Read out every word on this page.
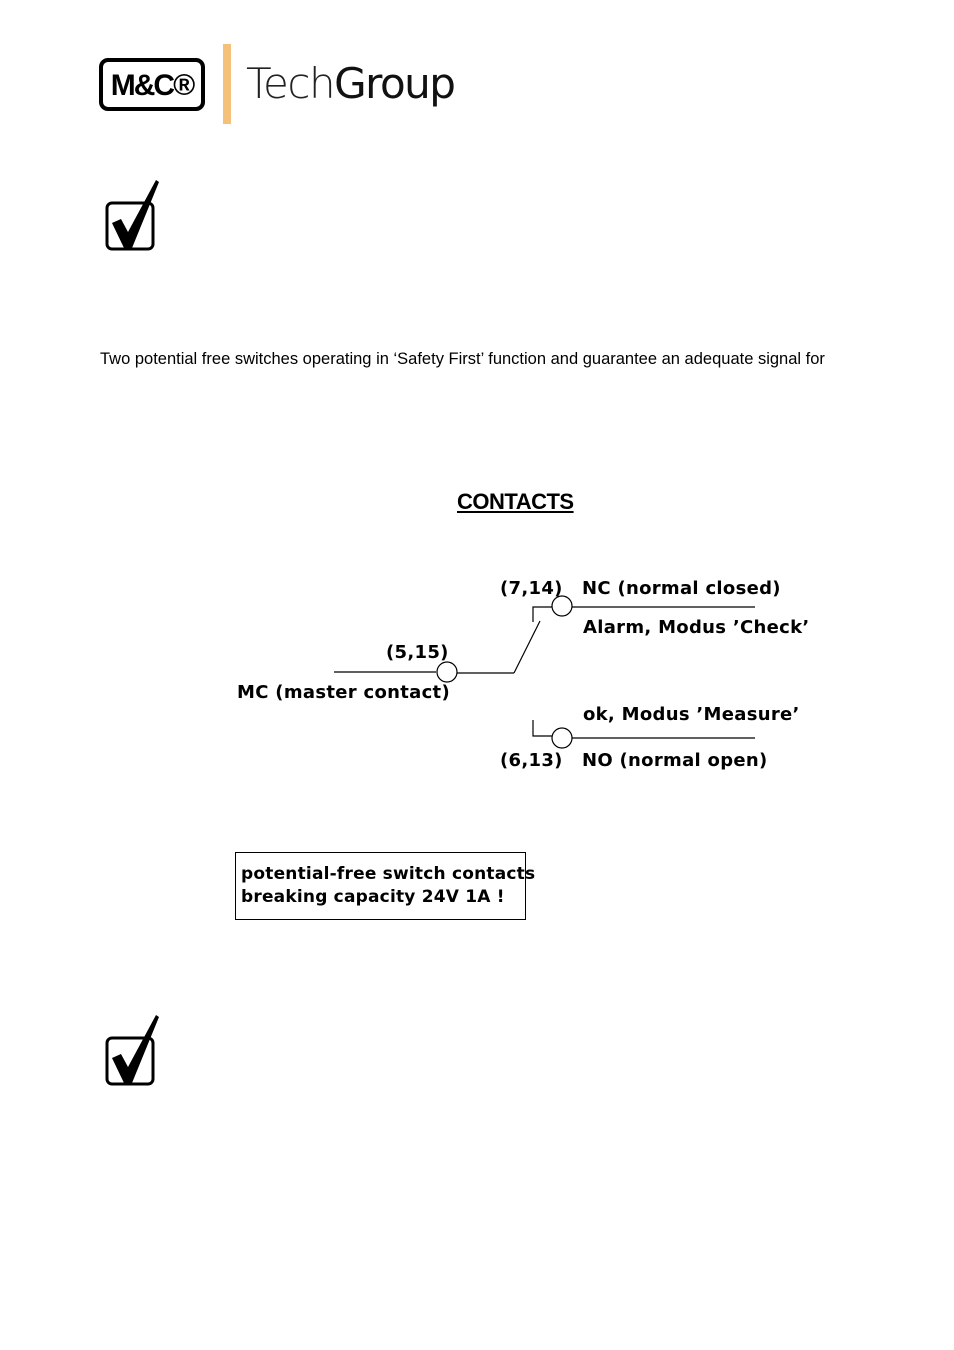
M&C® TechGroup
Two potential free switches operating in ‘Safety First’ function and guarantee an adequate signal for
CONTACTS
(7,14) NC (normal closed)
Alarm, Modus ’Check’
(5,15)
MC (master contact)
ok, Modus ’Measure’
(6,13) NO (normal open)
potential-free switch contacts
breaking capacity 24V 1A !
